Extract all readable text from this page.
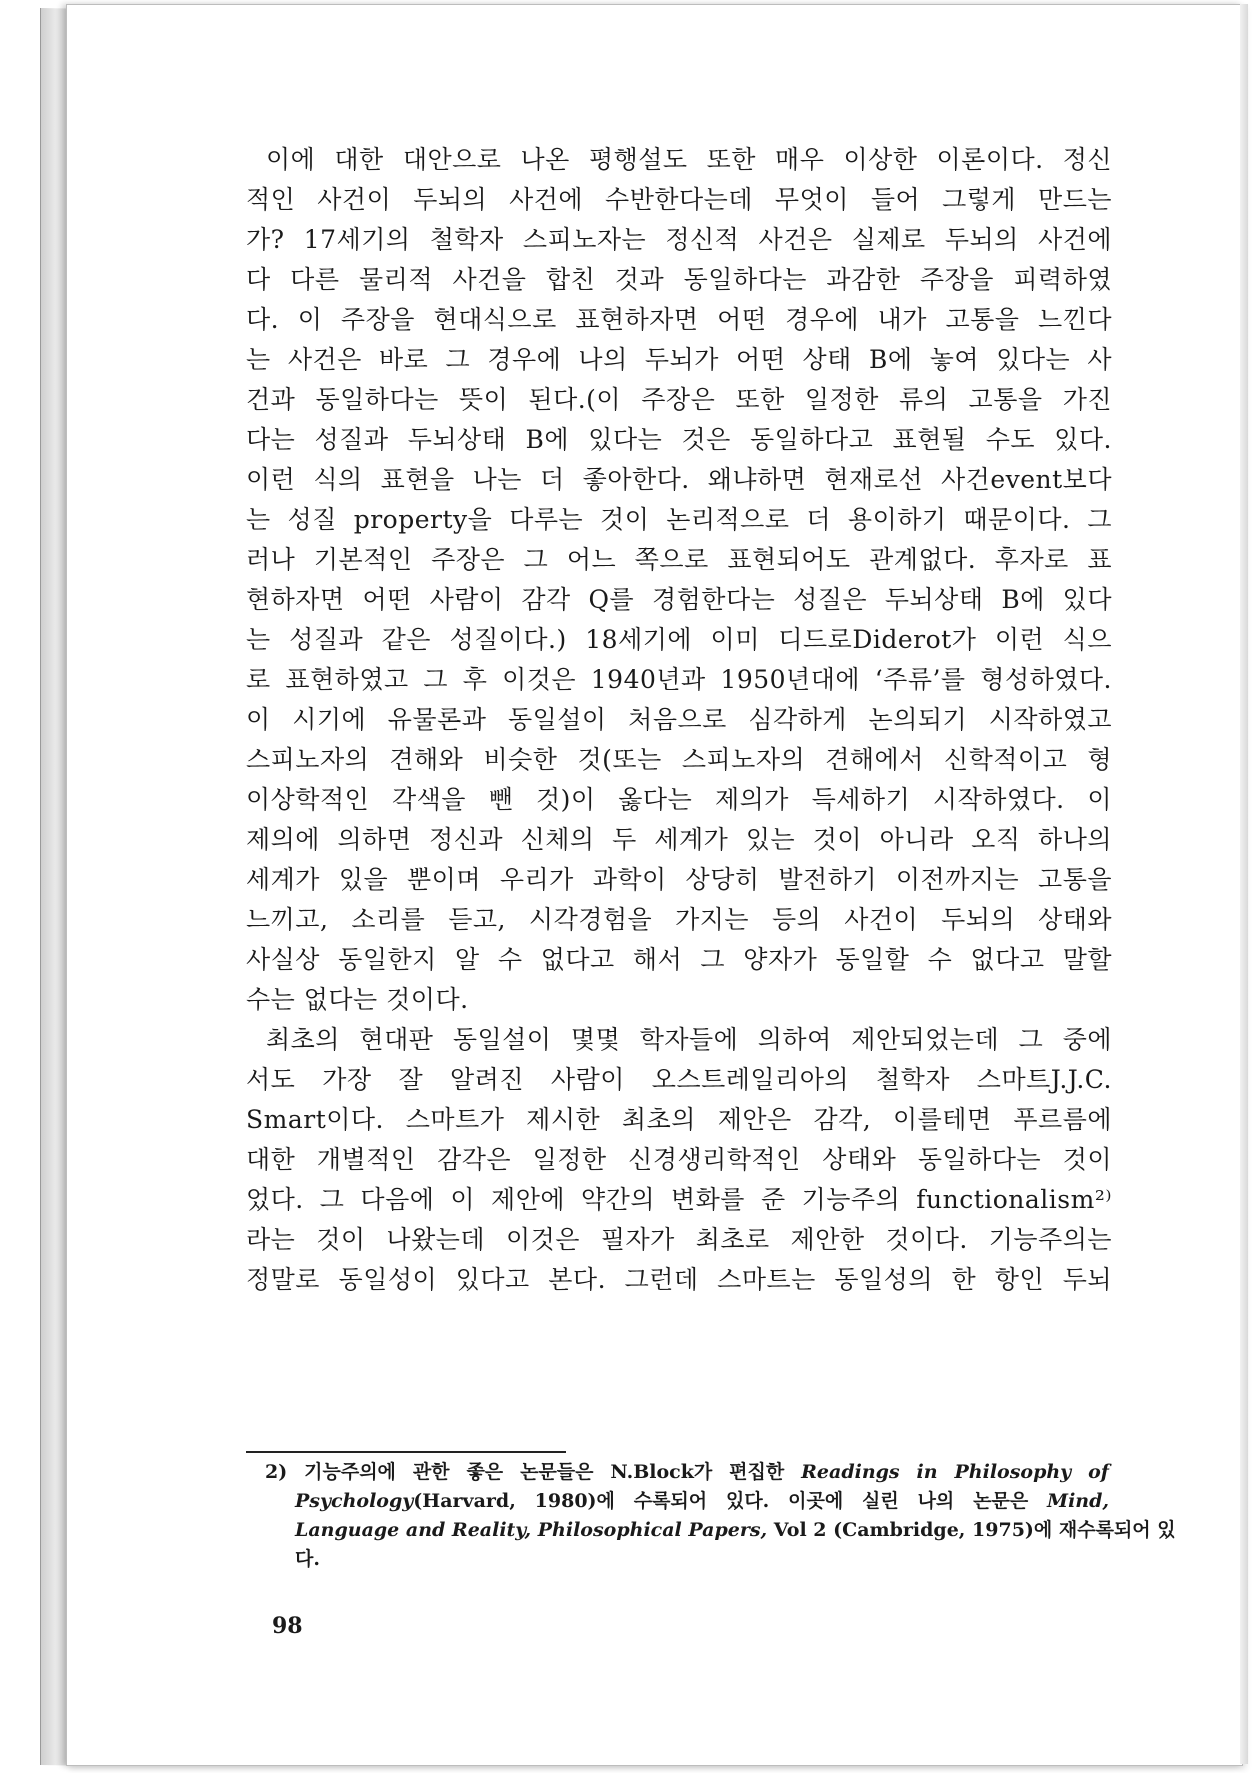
이에 대한 대안으로 나온 평행설도 또한 매우 이상한 이론이다. 정신
적인 사건이 두뇌의 사건에 수반한다는데 무엇이 들어 그렇게 만드는
가? 17세기의 철학자 스피노자는 정신적 사건은 실제로 두뇌의 사건에
다 다른 물리적 사건을 합친 것과 동일하다는 과감한 주장을 피력하였
다. 이 주장을 현대식으로 표현하자면 어떤 경우에 내가 고통을 느낀다
는 사건은 바로 그 경우에 나의 두뇌가 어떤 상태 B에 놓여 있다는 사
건과 동일하다는 뜻이 된다.(이 주장은 또한 일정한 류의 고통을 가진
다는 성질과 두뇌상태 B에 있다는 것은 동일하다고 표현될 수도 있다.
이런 식의 표현을 나는 더 좋아한다. 왜냐하면 현재로선 사건event보다
는 성질 property을 다루는 것이 논리적으로 더 용이하기 때문이다. 그
러나 기본적인 주장은 그 어느 쪽으로 표현되어도 관계없다. 후자로 표
현하자면 어떤 사람이 감각 Q를 경험한다는 성질은 두뇌상태 B에 있다
는 성질과 같은 성질이다.) 18세기에 이미 디드로Diderot가 이런 식으
로 표현하였고 그 후 이것은 1940년과 1950년대에 ‘주류’를 형성하였다.
이 시기에 유물론과 동일설이 처음으로 심각하게 논의되기 시작하였고
스피노자의 견해와 비슷한 것(또는 스피노자의 견해에서 신학적이고 형
이상학적인 각색을 뺀 것)이 옳다는 제의가 득세하기 시작하였다. 이
제의에 의하면 정신과 신체의 두 세계가 있는 것이 아니라 오직 하나의
세계가 있을 뿐이며 우리가 과학이 상당히 발전하기 이전까지는 고통을
느끼고, 소리를 듣고, 시각경험을 가지는 등의 사건이 두뇌의 상태와
사실상 동일한지 알 수 없다고 해서 그 양자가 동일할 수 없다고 말할
수는 없다는 것이다.
최초의 현대판 동일설이 몇몇 학자들에 의하여 제안되었는데 그 중에
서도 가장 잘 알려진 사람이 오스트레일리아의 철학자 스마트J.J.C.
Smart이다. 스마트가 제시한 최초의 제안은 감각, 이를테면 푸르름에
대한 개별적인 감각은 일정한 신경생리학적인 상태와 동일하다는 것이
었다. 그 다음에 이 제안에 약간의 변화를 준 기능주의 functionalism²⁾
라는 것이 나왔는데 이것은 필자가 최초로 제안한 것이다. 기능주의는
정말로 동일성이 있다고 본다. 그런데 스마트는 동일성의 한 항인 두뇌
2) 기능주의에 관한 좋은 논문들은 N.Block가 편집한 Readings in Philosophy of
Psychology(Harvard, 1980)에 수록되어 있다. 이곳에 실린 나의 논문은 Mind,
Language and Reality, Philosophical Papers, Vol 2 (Cambridge, 1975)에 재수록되어 있
다.
98
